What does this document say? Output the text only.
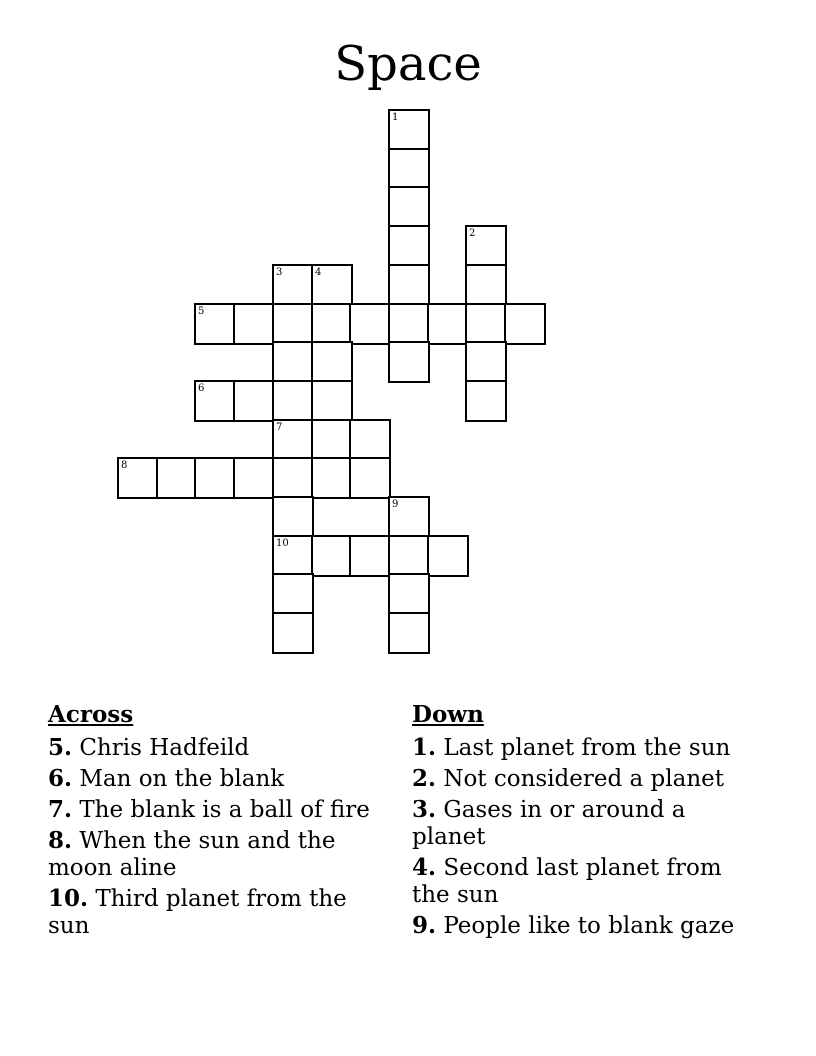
Space
1
2
3	4
5
6
7
8
9
10
Across
5. Chris Hadfeild
6. Man on the blank
7. The blank is a ball of fire
8. When the sun and the moon aline
10. Third planet from the sun
Down
1. Last planet from the sun
2. Not considered a planet
3. Gases in or around a planet
4. Second last planet from the sun
9. People like to blank gaze
